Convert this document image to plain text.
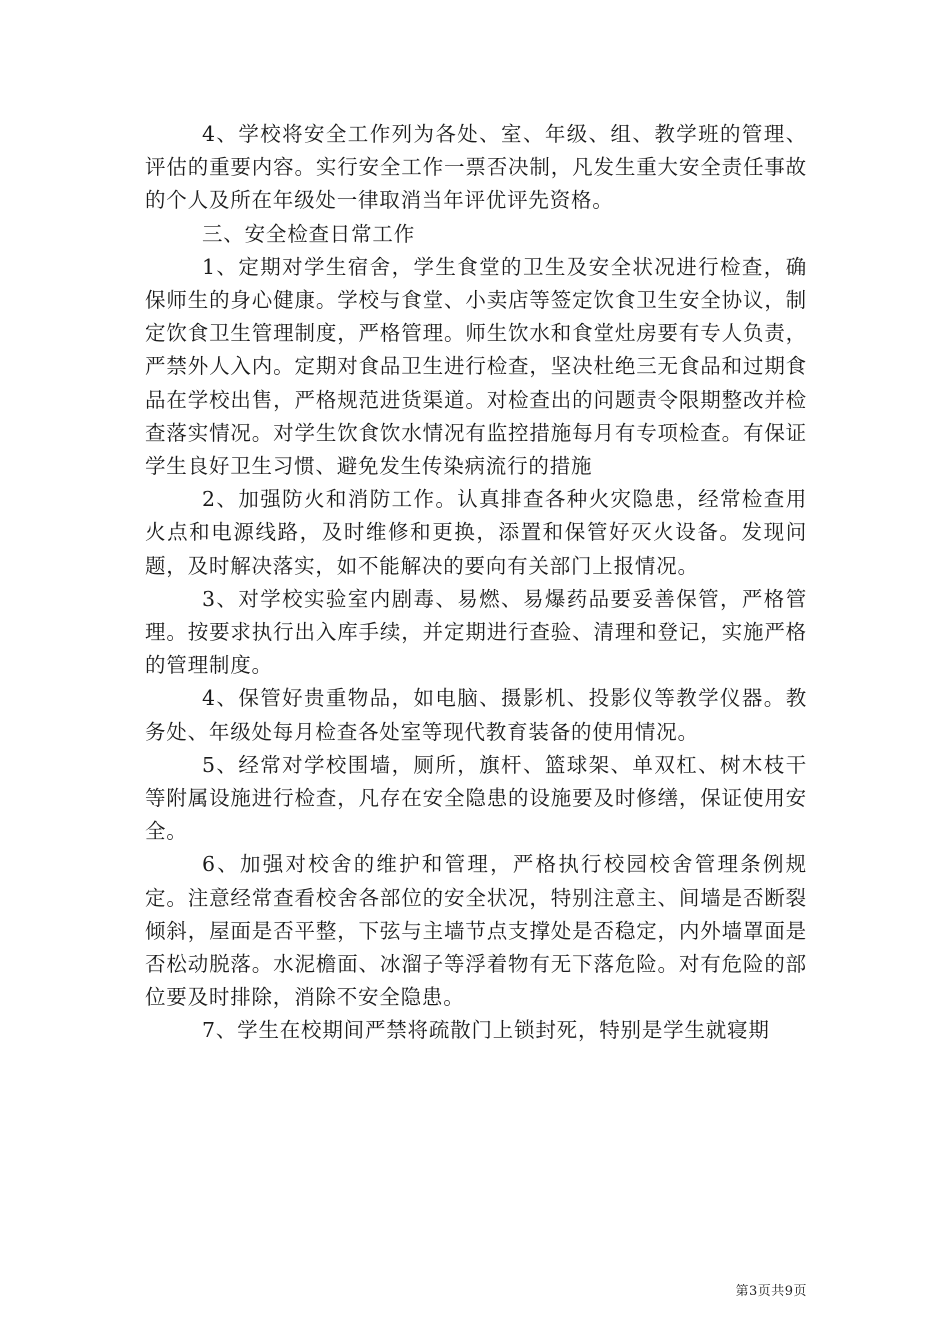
4、学校将安全工作列为各处、室、年级、组、教学班的管理、评估的重要内容。实行安全工作一票否决制，凡发生重大安全责任事故的个人及所在年级处一律取消当年评优评先资格。

三、安全检查日常工作

1、定期对学生宿舍，学生食堂的卫生及安全状况进行检查，确保师生的身心健康。学校与食堂、小卖店等签定饮食卫生安全协议，制定饮食卫生管理制度，严格管理。师生饮水和食堂灶房要有专人负责，严禁外人入内。定期对食品卫生进行检查，坚决杜绝三无食品和过期食品在学校出售，严格规范进货渠道。对检查出的问题责令限期整改并检查落实情况。对学生饮食饮水情况有监控措施每月有专项检查。有保证学生良好卫生习惯、避免发生传染病流行的措施

2、加强防火和消防工作。认真排查各种火灾隐患，经常检查用火点和电源线路，及时维修和更换，添置和保管好灭火设备。发现问题，及时解决落实，如不能解决的要向有关部门上报情况。

3、对学校实验室内剧毒、易燃、易爆药品要妥善保管，严格管理。按要求执行出入库手续，并定期进行查验、清理和登记，实施严格的管理制度。

4、保管好贵重物品，如电脑、摄影机、投影仪等教学仪器。教务处、年级处每月检查各处室等现代教育装备的使用情况。

5、经常对学校围墙，厕所，旗杆、篮球架、单双杠、树木枝干等附属设施进行检查，凡存在安全隐患的设施要及时修缮，保证使用安全。

6、加强对校舍的维护和管理，严格执行校园校舍管理条例规定。注意经常查看校舍各部位的安全状况，特别注意主、间墙是否断裂倾斜，屋面是否平整，下弦与主墙节点支撑处是否稳定，内外墙罩面是否松动脱落。水泥檐面、冰溜子等浮着物有无下落危险。对有危险的部位要及时排除，消除不安全隐患。

7、学生在校期间严禁将疏散门上锁封死，特别是学生就寝期

第3页共9页
